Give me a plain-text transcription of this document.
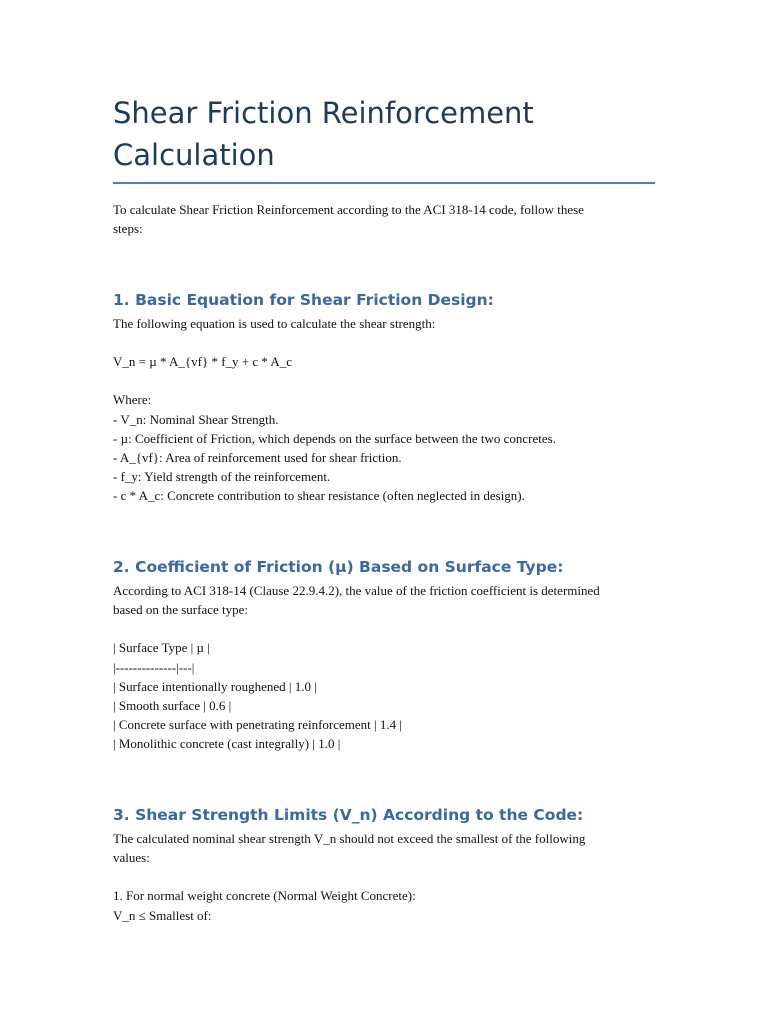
Shear Friction Reinforcement
Calculation
To calculate Shear Friction Reinforcement according to the ACI 318-14 code, follow these
steps:
1. Basic Equation for Shear Friction Design:
The following equation is used to calculate the shear strength:
V_n = µ * A_{vf} * f_y + c * A_c
Where:
- V_n: Nominal Shear Strength.
- µ: Coefficient of Friction, which depends on the surface between the two concretes.
- A_{vf}: Area of reinforcement used for shear friction.
- f_y: Yield strength of the reinforcement.
- c * A_c: Concrete contribution to shear resistance (often neglected in design).
2. Coefficient of Friction (µ) Based on Surface Type:
According to ACI 318-14 (Clause 22.9.4.2), the value of the friction coefficient is determined
based on the surface type:
| Surface Type | µ |
|--------------|---|
| Surface intentionally roughened | 1.0 |
| Smooth surface | 0.6 |
| Concrete surface with penetrating reinforcement | 1.4 |
| Monolithic concrete (cast integrally) | 1.0 |
3. Shear Strength Limits (V_n) According to the Code:
The calculated nominal shear strength V_n should not exceed the smallest of the following
values:
1. For normal weight concrete (Normal Weight Concrete):
V_n ≤ Smallest of:
